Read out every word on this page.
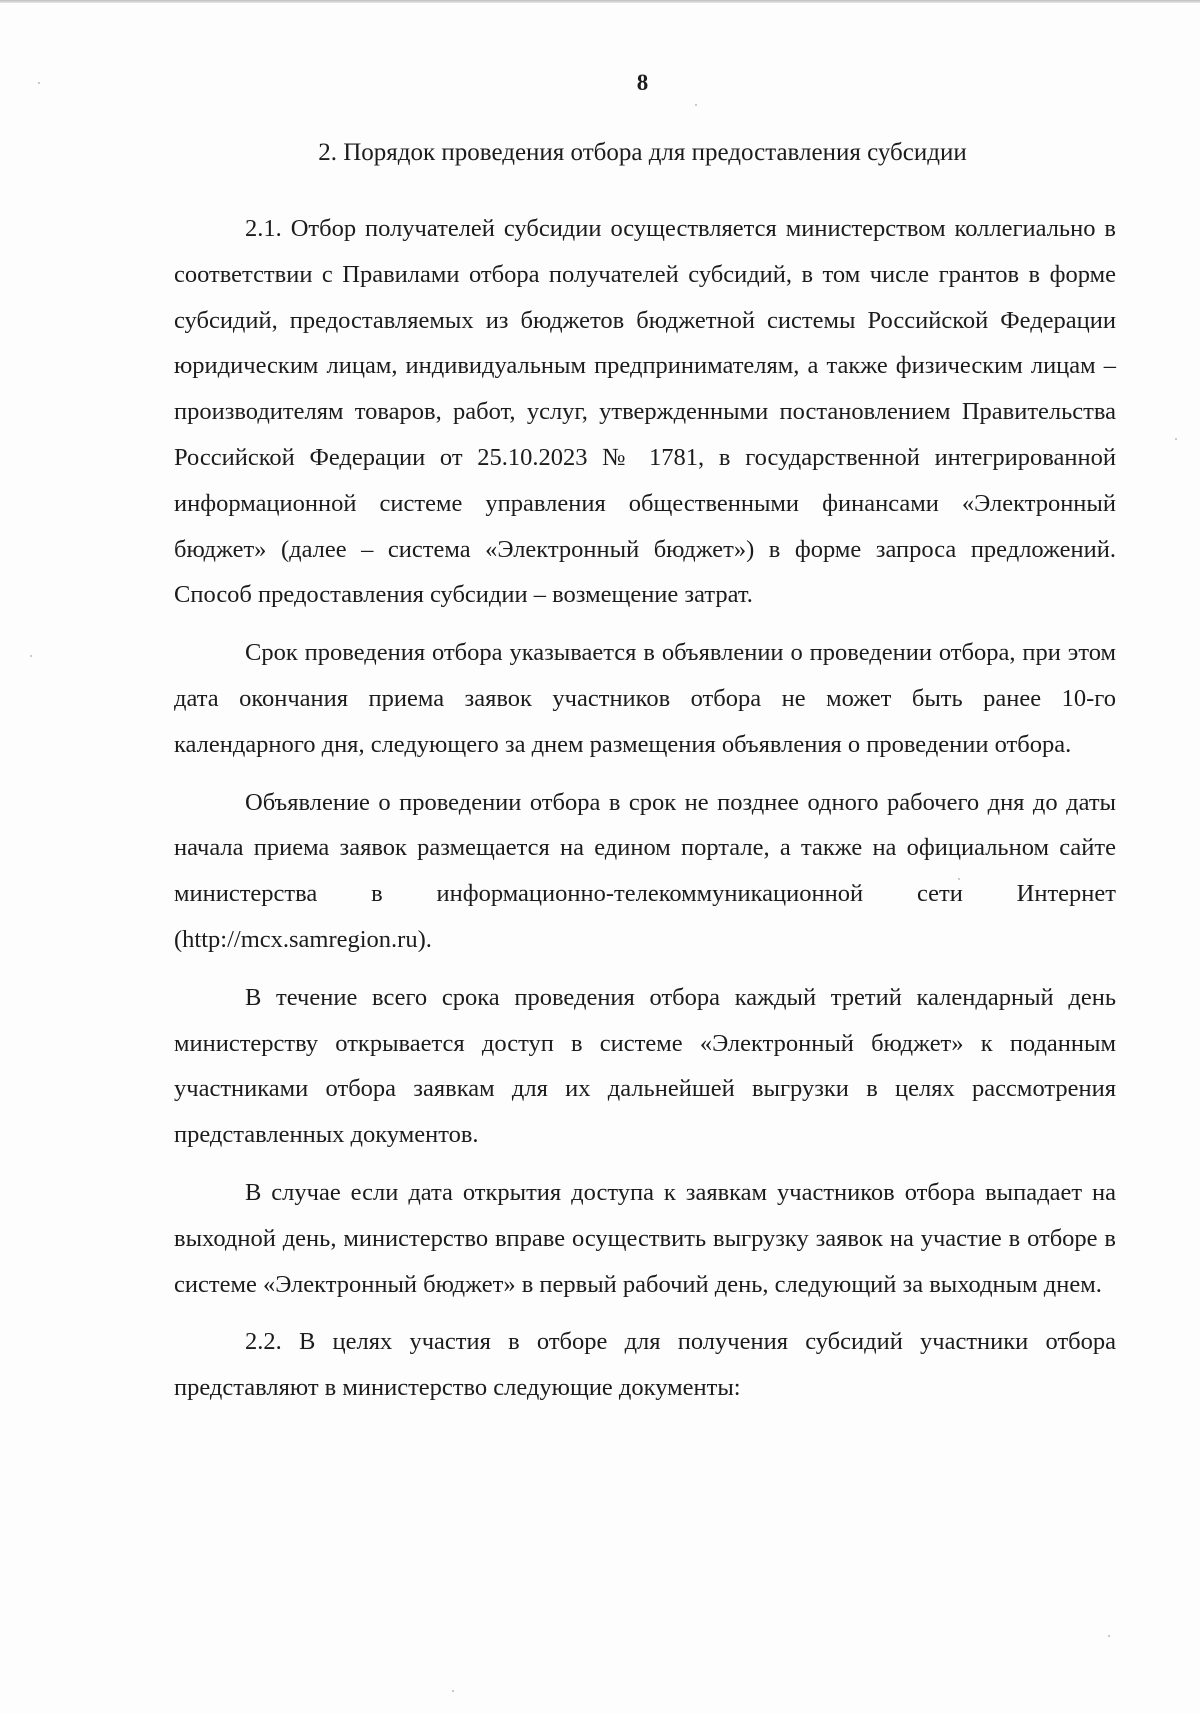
8
2. Порядок проведения отбора для предоставления субсидии

2.1. Отбор получателей субсидии осуществляется министерством коллегиально в соответствии с Правилами отбора получателей субсидий, в том числе грантов в форме субсидий, предоставляемых из бюджетов бюджетной системы Российской Федерации юридическим лицам, индивидуальным предпринимателям, а также физическим лицам – производителям товаров, работ, услуг, утвержденными постановлением Правительства Российской Федерации от 25.10.2023 № 1781, в государственной интегрированной информационной системе управления общественными финансами «Электронный бюджет» (далее – система «Электронный бюджет») в форме запроса предложений. Способ предоставления субсидии – возмещение затрат.

Срок проведения отбора указывается в объявлении о проведении отбора, при этом дата окончания приема заявок участников отбора не может быть ранее 10-го календарного дня, следующего за днем размещения объявления о проведении отбора.

Объявление о проведении отбора в срок не позднее одного рабочего дня до даты начала приема заявок размещается на едином портале, а также на официальном сайте министерства в информационно-телекоммуникационной сети Интернет (http://mcx.samregion.ru).

В течение всего срока проведения отбора каждый третий календарный день министерству открывается доступ в системе «Электронный бюджет» к поданным участниками отбора заявкам для их дальнейшей выгрузки в целях рассмотрения представленных документов.

В случае если дата открытия доступа к заявкам участников отбора выпадает на выходной день, министерство вправе осуществить выгрузку заявок на участие в отборе в системе «Электронный бюджет» в первый рабочий день, следующий за выходным днем.

2.2. В целях участия в отборе для получения субсидий участники отбора представляют в министерство следующие документы:
